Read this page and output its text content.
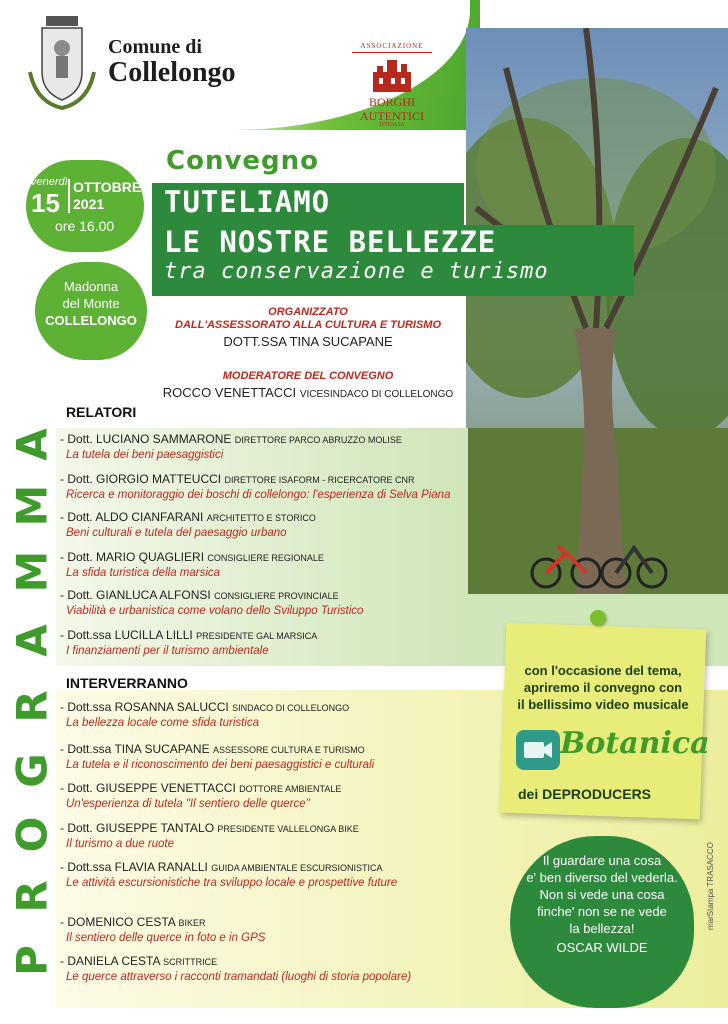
Comune di
Collelongo
ASSOCIAZIONE
BORGHI
AUTENTICI
D'ITALIA
venerdì
15
OTTOBRE
2021
ore 16.00
Madonna
del Monte
COLLELONGO
Convegno
TUTELIAMO
LE NOSTRE BELLEZZE
tra conservazione e turismo
ORGANIZZATO
DALL'ASSESSORATO ALLA CULTURA E TURISMO
DOTT.SSA TINA SUCAPANE
MODERATORE DEL CONVEGNO
ROCCO VENETTACCI VICESINDACO DI COLLELONGO
A
M
M
A
R
G
O
R
P
RELATORI
- Dott. LUCIANO SAMMARONE DIRETTORE PARCO ABRUZZO MOLISE
La tutela dei beni paesaggistici
- Dott. GIORGIO MATTEUCCI DIRETTORE ISAFORM - RICERCATORE CNR
Ricerca e monitoraggio dei boschi di collelongo: l'esperienza di Selva Piana
- Dott. ALDO CIANFARANI ARCHITETTO E STORICO
Beni culturali e tutela del paesaggio urbano
- Dott. MARIO QUAGLIERI CONSIGLIERE REGIONALE
La sfida turistica della marsica
- Dott. GIANLUCA ALFONSI CONSIGLIERE PROVINCIALE
Viabilità e urbanistica come volano dello Sviluppo Turistico
- Dott.ssa LUCILLA LILLI PRESIDENTE GAL MARSICA
I finanziamenti per il turismo ambientale
INTERVERRANNO
- Dott.ssa ROSANNA SALUCCI SINDACO DI COLLELONGO
La bellezza locale come sfida turistica
- Dott.ssa TINA SUCAPANE ASSESSORE CULTURA E TURISMO
La tutela e il riconoscimento dei beni paesaggistici e culturali
- Dott. GIUSEPPE VENETTACCI DOTTORE AMBIENTALE
Un'esperienza di tutela "Il sentiero delle querce"
- Dott. GIUSEPPE TANTALO PRESIDENTE VALLELONGA BIKE
Il turismo a due ruote
- Dott.ssa FLAVIA RANALLI GUIDA AMBIENTALE ESCURSIONISTICA
Le attività escursionistiche tra sviluppo locale e prospettive future
- DOMENICO CESTA BIKER
Il sentiero delle querce in foto e in GPS
- DANIELA CESTA SCRITTRICE
Le querce attraverso i racconti tramandati (luoghi di storia popolare)
con l'occasione del tema,
apriremo il convegno con
il bellissimo video musicale
Botanica
dei DEPRODUCERS
Il guardare una cosa
e' ben diverso del vederla.
Non si vede una cosa
finche' non se ne vede
la bellezza!
OSCAR WILDE
marStampa TRASACCO
